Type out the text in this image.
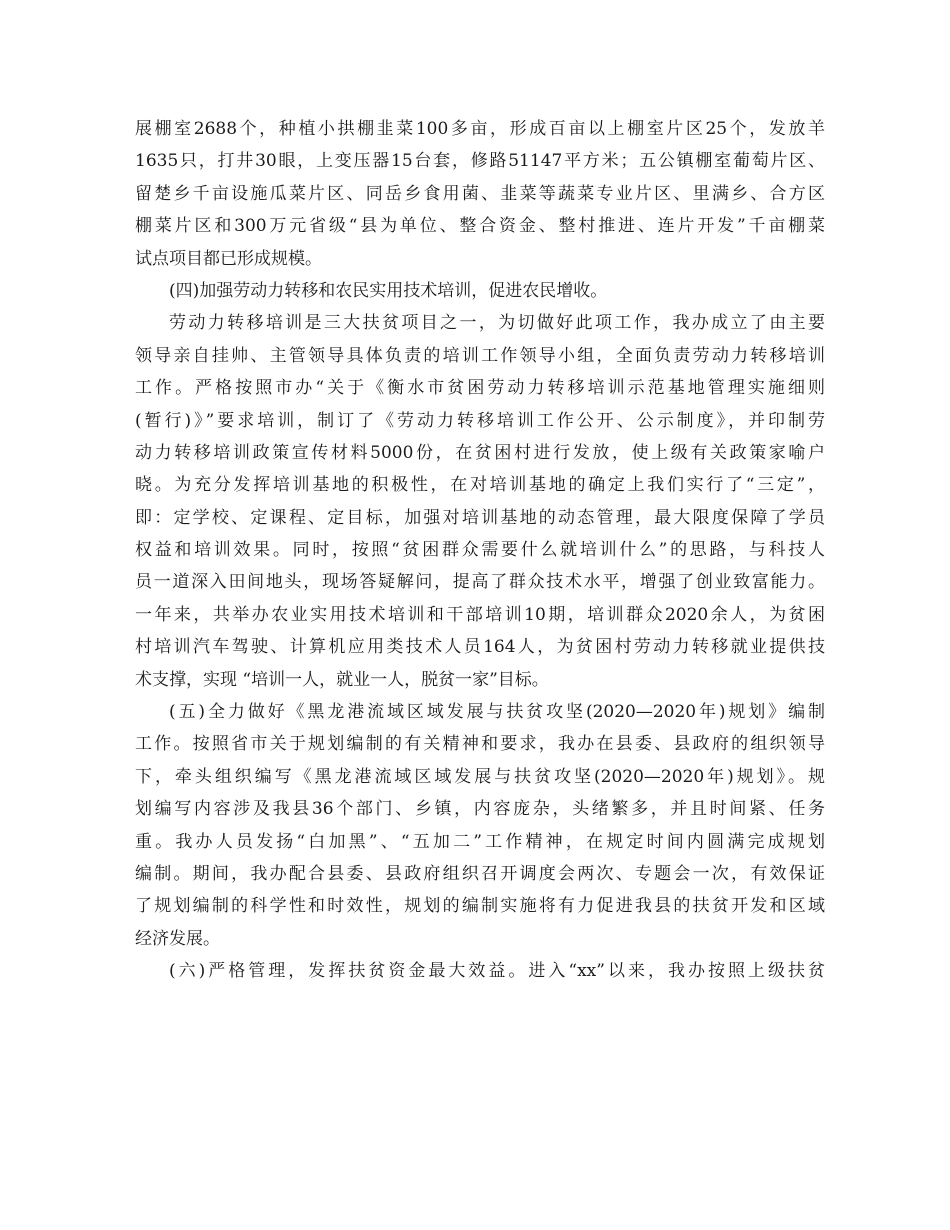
展棚室2688个，种植小拱棚韭菜100多亩，形成百亩以上棚室片区25个，发放羊
1635只，打井30眼，上变压器15台套，修路51147平方米；五公镇棚室葡萄片区、
留楚乡千亩设施瓜菜片区、同岳乡食用菌、韭菜等蔬菜专业片区、里满乡、合方区
棚菜片区和300万元省级“县为单位、整合资金、整村推进、连片开发”千亩棚菜
试点项目都已形成规模。
(四)加强劳动力转移和农民实用技术培训，促进农民增收。
劳动力转移培训是三大扶贫项目之一，为切做好此项工作，我办成立了由主要
领导亲自挂帅、主管领导具体负责的培训工作领导小组，全面负责劳动力转移培训
工作。严格按照市办“关于《衡水市贫困劳动力转移培训示范基地管理实施细则
(暂行)》”要求培训，制订了《劳动力转移培训工作公开、公示制度》，并印制劳
动力转移培训政策宣传材料5000份，在贫困村进行发放，使上级有关政策家喻户
晓。为充分发挥培训基地的积极性，在对培训基地的确定上我们实行了“三定”，
即：定学校、定课程、定目标，加强对培训基地的动态管理，最大限度保障了学员
权益和培训效果。同时，按照“贫困群众需要什么就培训什么”的思路，与科技人
员一道深入田间地头，现场答疑解问，提高了群众技术水平，增强了创业致富能力。
一年来，共举办农业实用技术培训和干部培训10期，培训群众2020余人，为贫困
村培训汽车驾驶、计算机应用类技术人员164人，为贫困村劳动力转移就业提供技
术支撑，实现 “培训一人，就业一人，脱贫一家”目标。
(五)全力做好《黑龙港流域区域发展与扶贫攻坚(2020—2020年)规划》编制
工作。按照省市关于规划编制的有关精神和要求，我办在县委、县政府的组织领导
下，牵头组织编写《黑龙港流域区域发展与扶贫攻坚(2020—2020年)规划》。规
划编写内容涉及我县36个部门、乡镇，内容庞杂，头绪繁多，并且时间紧、任务
重。我办人员发扬“白加黑”、“五加二”工作精神，在规定时间内圆满完成规划
编制。期间，我办配合县委、县政府组织召开调度会两次、专题会一次，有效保证
了规划编制的科学性和时效性，规划的编制实施将有力促进我县的扶贫开发和区域
经济发展。
(六)严格管理，发挥扶贫资金最大效益。进入“xx”以来，我办按照上级扶贫
